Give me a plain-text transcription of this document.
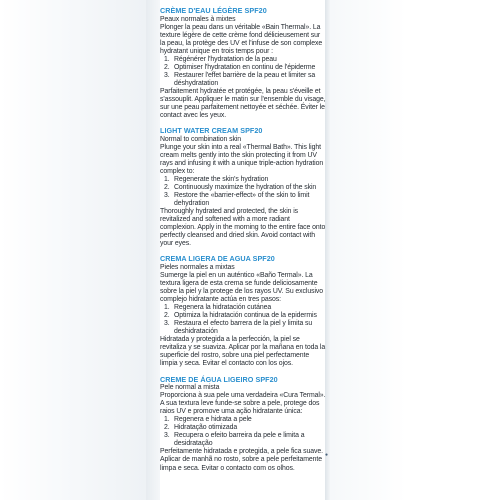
CRÈME D'EAU LÉGÈRE SPF20
Peaux normales à mixtes

Plonger la peau dans un véritable «Bain Thermal». La texture légère de cette crème fond délicieusement sur la peau, la protège des UV et l'infuse de son complexe hydratant unique en trois temps pour :

1. Régénérer l'hydratation de la peau
2. Optimiser l'hydratation en continu de l'épiderme
3. Restaurer l'effet barrière de la peau et limiter sa déshydratation

Parfaitement hydratée et protégée, la peau s'éveille et s'assouplit. Appliquer le matin sur l'ensemble du visage, sur une peau parfaitement nettoyée et séchée. Éviter le contact avec les yeux.

LIGHT WATER CREAM SPF20
Normal to combination skin

Plunge your skin into a real «Thermal Bath». This light cream melts gently into the skin protecting it from UV rays and infusing it with a unique triple-action hydration complex to:

1. Regenerate the skin's hydration
2. Continuously maximize the hydration of the skin
3. Restore the «barrier-effect» of the skin to limit dehydration

Thoroughly hydrated and protected, the skin is revitalized and softened with a more radiant complexion. Apply in the morning to the entire face onto perfectly cleansed and dried skin. Avoid contact with your eyes.

CREMA LIGERA DE AGUA SPF20
Pieles normales a mixtas

Sumerge la piel en un auténtico «Baño Termal». La textura ligera de esta crema se funde deliciosamente sobre la piel y la protege de los rayos UV. Su exclusivo complejo hidratante actúa en tres pasos:

1. Regenera la hidratación cutánea
2. Optimiza la hidratación continua de la epidermis
3. Restaura el efecto barrera de la piel y limita su deshidratación

Hidratada y protegida a la perfección, la piel se revitaliza y se suaviza. Aplicar por la mañana en toda la superficie del rostro, sobre una piel perfectamente limpia y seca. Evitar el contacto con los ojos.

CREME DE ÁGUA LIGEIRO SPF20
Pele normal a mista

Proporciona à sua pele uma verdadeira «Cura Termal». A sua textura leve funde-se sobre a pele, protege dos raios UV e promove uma ação hidratante única:

1. Regenera e hidrata a pele
2. Hidratação otimizada
3. Recupera o efeito barreira da pele e limita a desidratação

Perfeitamente hidratada e protegida, a pele fica suave. Aplicar de manhã no rosto, sobre a pele perfeitamente limpa e seca. Evitar o contacto com os olhos.

●
